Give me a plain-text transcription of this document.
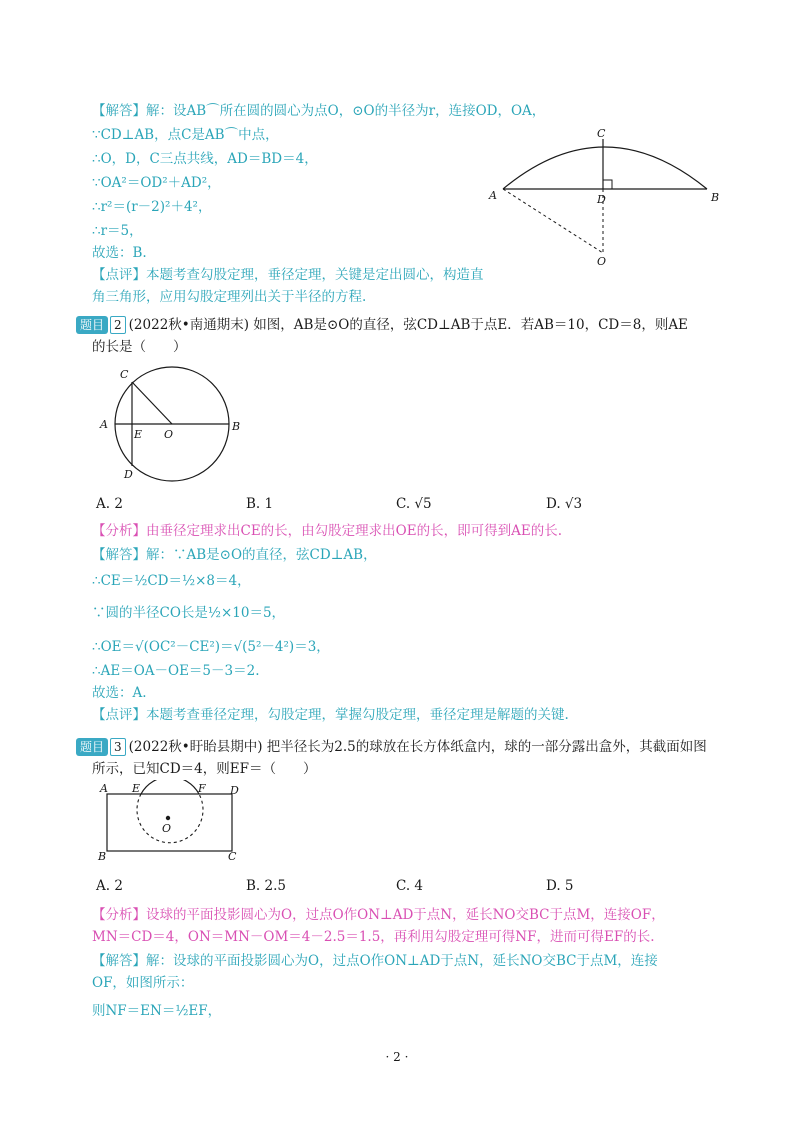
【解答】解：设AB⌒所在圆的圆心为点O，⊙O的半径为r，连接OD，OA，
∵CD⊥AB，点C是AB⌒中点，
∴O，D，C三点共线，AD＝BD＝4，
∵OA²＝OD²＋AD²，
∴r²＝(r－2)²＋4²，
∴r＝5，
故选：B.
【点评】本题考查勾股定理，垂径定理，关键是定出圆心，构造直
角三角形，应用勾股定理列出关于半径的方程.
C
A	D	B
O
题目 2 (2022秋•南通期末) 如图，AB是⊙O的直径，弦CD⊥AB于点E．若AB＝10，CD＝8，则AE
的长是（　　）
C
A
E O
B
D
A. 2	B. 1	C. √5	D. √3
【分析】由垂径定理求出CE的长，由勾股定理求出OE的长，即可得到AE的长.
【解答】解：∵AB是⊙O的直径，弦CD⊥AB，
∴CE＝½CD＝½×8＝4，
∵圆的半径CO长是½×10＝5，
∴OE＝√(OC²－CE²)＝√(5²－4²)＝3，
∴AE＝OA－OE＝5－3＝2.
故选：A.
【点评】本题考查垂径定理，勾股定理，掌握勾股定理，垂径定理是解题的关键.
题目 3 (2022秋•盱眙县期中) 把半径长为2.5的球放在长方体纸盒内，球的一部分露出盒外，其截面如图
所示，已知CD＝4，则EF＝（　　）
A E	F D
O
B	C
A. 2	B. 2.5	C. 4	D. 5
【分析】设球的平面投影圆心为O，过点O作ON⊥AD于点N，延长NO交BC于点M，连接OF，
MN＝CD＝4，ON＝MN－OM＝4－2.5＝1.5，再利用勾股定理可得NF，进而可得EF的长.
【解答】解：设球的平面投影圆心为O，过点O作ON⊥AD于点N，延长NO交BC于点M，连接
OF，如图所示：
则NF＝EN＝½EF，
· 2 ·
